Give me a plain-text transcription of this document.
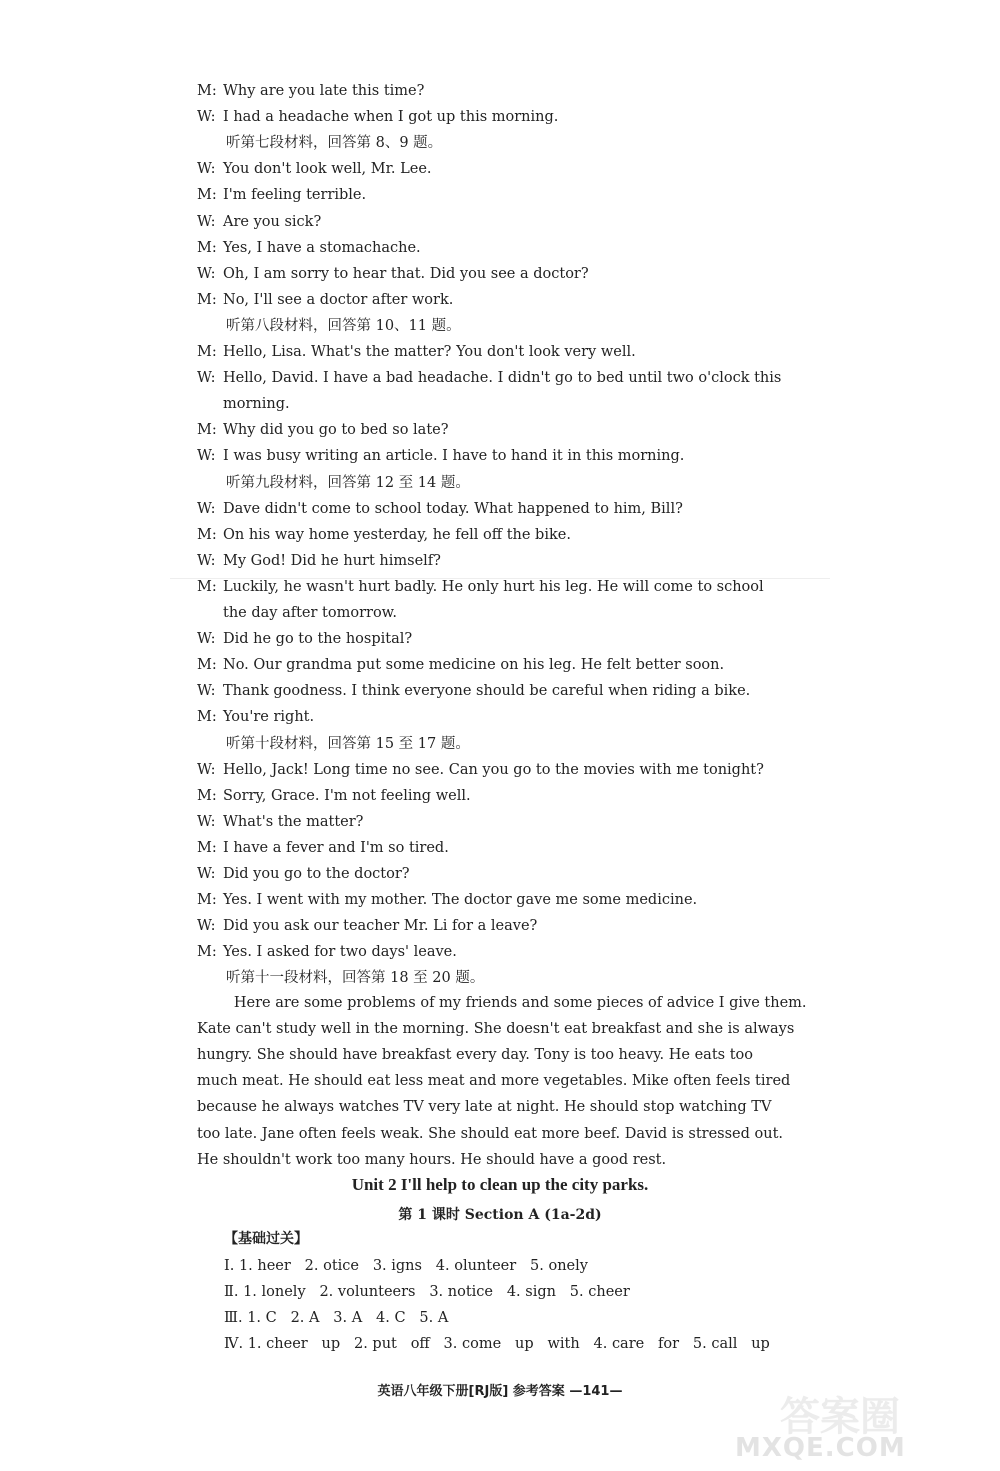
M: Why are you late this time?
W: I had a headache when I got up this morning.
听第七段材料，回答第 8、9 题。
W: You don't look well, Mr. Lee.
M: I'm feeling terrible.
W: Are you sick?
M: Yes, I have a stomachache.
W: Oh, I am sorry to hear that. Did you see a doctor?
M: No, I'll see a doctor after work.
听第八段材料，回答第 10、11 题。
M: Hello, Lisa. What's the matter? You don't look very well.
W: Hello, David. I have a bad headache. I didn't go to bed until two o'clock this
morning.
M: Why did you go to bed so late?
W: I was busy writing an article. I have to hand it in this morning.
听第九段材料，回答第 12 至 14 题。
W: Dave didn't come to school today. What happened to him, Bill?
M: On his way home yesterday, he fell off the bike.
W: My God! Did he hurt himself?
M: Luckily, he wasn't hurt badly. He only hurt his leg. He will come to school
the day after tomorrow.
W: Did he go to the hospital?
M: No. Our grandma put some medicine on his leg. He felt better soon.
W: Thank goodness. I think everyone should be careful when riding a bike.
M: You're right.
听第十段材料，回答第 15 至 17 题。
W: Hello, Jack! Long time no see. Can you go to the movies with me tonight?
M: Sorry, Grace. I'm not feeling well.
W: What's the matter?
M: I have a fever and I'm so tired.
W: Did you go to the doctor?
M: Yes. I went with my mother. The doctor gave me some medicine.
W: Did you ask our teacher Mr. Li for a leave?
M: Yes. I asked for two days' leave.
听第十一段材料，回答第 18 至 20 题。
Here are some problems of my friends and some pieces of advice I give them.
Kate can't study well in the morning. She doesn't eat breakfast and she is always
hungry. She should have breakfast every day. Tony is too heavy. He eats too
much meat. He should eat less meat and more vegetables. Mike often feels tired
because he always watches TV very late at night. He should stop watching TV
too late. Jane often feels weak. She should eat more beef. David is stressed out.
He shouldn't work too many hours. He should have a good rest.
Unit 2 I'll help to clean up the city parks.
第 1 课时 Section A (1a-2d)
【基础过关】
Ⅰ. 1. heer   2. otice   3. igns   4. olunteer   5. onely
Ⅱ. 1. lonely   2. volunteers   3. notice   4. sign   5. cheer
Ⅲ. 1. C   2. A   3. A   4. C   5. A
Ⅳ. 1. cheer   up   2. put   off   3. come   up   with   4. care   for   5. call   up
英语八年级下册[RJ版] 参考答案 —141—
答案圈
MXQE.COM
